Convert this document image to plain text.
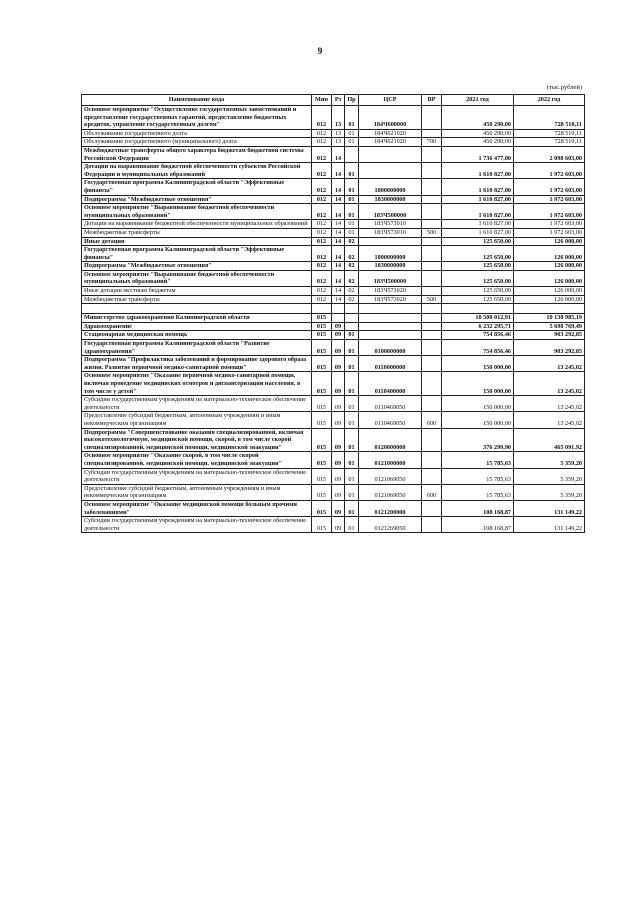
9
(тыс.рублей)
Наименование кода	Мин	Рз	Пр	ЦСР	ВР	2021 год	2022 год
Основное мероприятие "Осуществление государственных заимствований и предоставление государственных гарантий, предоставление бюджетных кредитов, управление государственным долгом"	012	13	01	184Ч600000		450 290,00	728 510,11
Обслуживание государственного долга	012	13	01	184Ч621020		450 290,00	728 510,11
Обслуживание государственного (муниципального) долга	012	13	01	184Ч621020	700	450 290,00	728 510,11
Межбюджетные трансферты общего характера бюджетам бюджетной системы Российской Федерации	012	14				1 736 477,00	2 098 603,00
Дотации на выравнивание бюджетной обеспеченности субъектов Российской Федерации и муниципальных образований	012	14	01			1 610 827,00	1 972 603,00
Государственная программа Калининградской области "Эффективные финансы"	012	14	01	1800000000		1 610 827,00	1 972 603,00
Подпрограмма "Межбюджетные отношения"	012	14	01	1830000000		1 610 827,00	1 972 603,00
Основное мероприятие "Выравнивание бюджетной обеспеченности муниципальных образований"	012	14	01	183Ч500000		1 610 827,00	1 972 603,00
Дотации на выравнивание бюджетной обеспеченности муниципальных образований	012	14	01	183Ч573010		1 610 827,00	1 972 603,00
Межбюджетные трансферты	012	14	01	183Ч573010	500	1 610 827,00	1 972 603,00
Иные дотации	012	14	02			125 650,00	126 000,00
Государственная программа Калининградской области "Эффективные финансы"	012	14	02	1800000000		125 650,00	126 000,00
Подпрограмма "Межбюджетные отношения"	012	14	02	1830000000		125 650,00	126 000,00
Основное мероприятие "Выравнивание бюджетной обеспеченности муниципальных образований"	012	14	02	183Ч500000		125 650,00	126 000,00
Иные дотации местным бюджетам	012	14	02	183Ч573020		125 650,00	126 000,00
Межбюджетные трансферты	012	14	02	183Ч573020	500	125 650,00	126 000,00

Министерство здравоохранения Калининградской области	015					10 500 012,91	10 138 985,19
Здравоохранение	015	09				6 232 295,71	5 698 769,49
Стационарная медицинская помощь	015	09	01			754 856,46	903 292,85
Государственная программа Калининградской области "Развитие здравоохранения"	015	09	01	0100000000		754 856,46	903 292,85
Подпрограмма "Профилактика заболеваний и формирование здорового образа жизни. Развитие первичной медико-санитарной помощи"	015	09	01	0110000000		150 000,00	13 245,02
Основное мероприятие "Оказание первичной медико-санитарной помощи, включая проведение медицинских осмотров и диспансеризации населения, в том числе у детей"	015	09	01	0110400000		150 000,00	13 245,02
Субсидии государственным учреждениям на материально-техническое обеспечение деятельности	015	09	01	0110469050		150 000,00	13 245,02
Предоставление субсидий бюджетным, автономным учреждениям и иным некоммерческим организациям	015	09	01	0110469050	600	150 000,00	13 245,02
Подпрограмма "Совершенствование оказания специализированной, включая высокотехнологичную, медицинской помощи, скорой, в том числе скорой специализированной, медицинской помощи, медицинской эвакуации"	015	09	01	0120000000		376 299,90	465 091,92
Основное мероприятие "Оказание скорой, в том числе скорой специализированной, медицинской помощи, медицинской эвакуации"	015	09	01	0121000000		15 785,63	5 359,20
Субсидии государственным учреждениям на материально-техническое обеспечение деятельности	015	09	01	0121069050		15 785,63	5 359,20
Предоставление субсидий бюджетным, автономным учреждениям и иным некоммерческим организациям	015	09	01	0121069050	600	15 785,63	5 359,20
Основное мероприятие "Оказание медицинской помощи больным прочими заболеваниями"	015	09	01	0121200000		108 168,87	131 149,22
Субсидии государственным учреждениям на материально-техническое обеспечение деятельности	015	09	01	0121269050		108 168,87	131 149,22
